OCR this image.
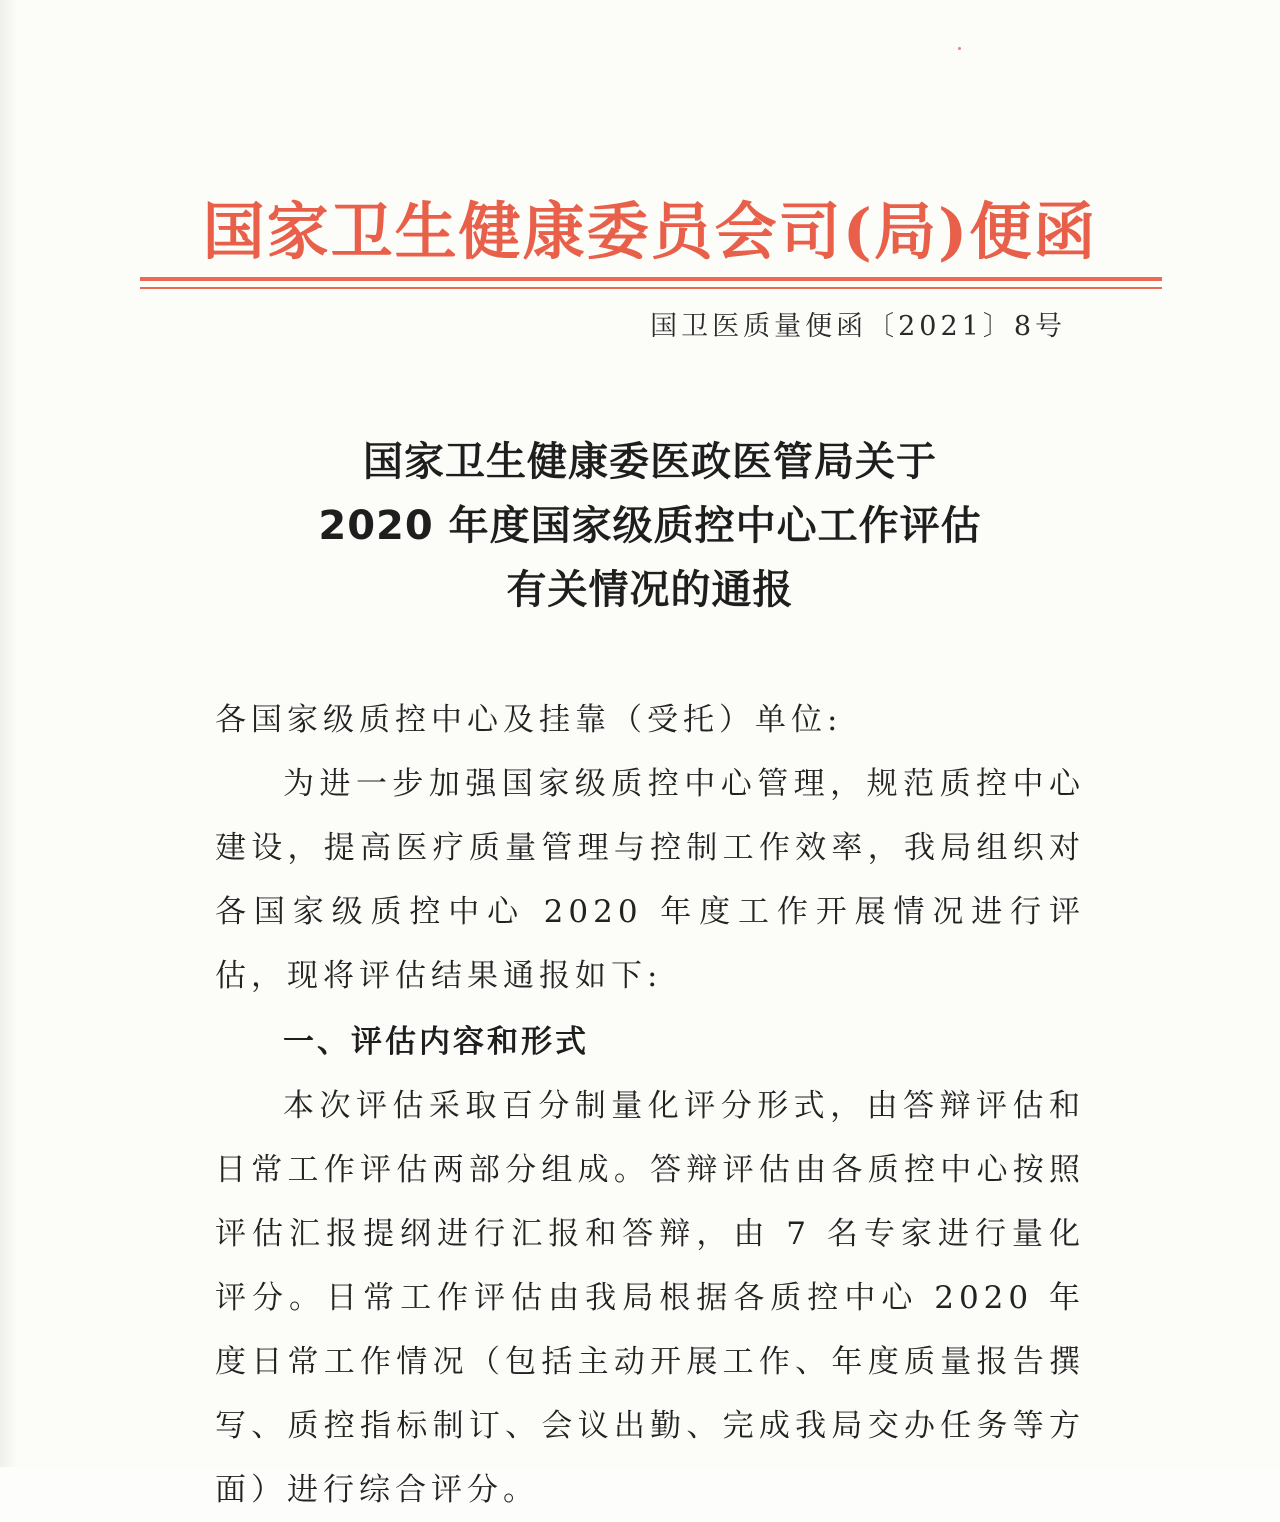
国家卫生健康委员会司(局)便函
国卫医质量便函〔2021〕8号
国家卫生健康委医政医管局关于
2020 年度国家级质控中心工作评估
有关情况的通报
各国家级质控中心及挂靠（受托）单位:
为进一步加强国家级质控中心管理，规范质控中心建设，提高医疗质量管理与控制工作效率，我局组织对各国家级质控中心 2020 年度工作开展情况进行评估，现将评估结果通报如下:
一、评估内容和形式
本次评估采取百分制量化评分形式，由答辩评估和日常工作评估两部分组成。答辩评估由各质控中心按照评估汇报提纲进行汇报和答辩，由 7 名专家进行量化评分。日常工作评估由我局根据各质控中心 2020 年度日常工作情况（包括主动开展工作、年度质量报告撰写、质控指标制订、会议出勤、完成我局交办任务等方面）进行综合评分。
